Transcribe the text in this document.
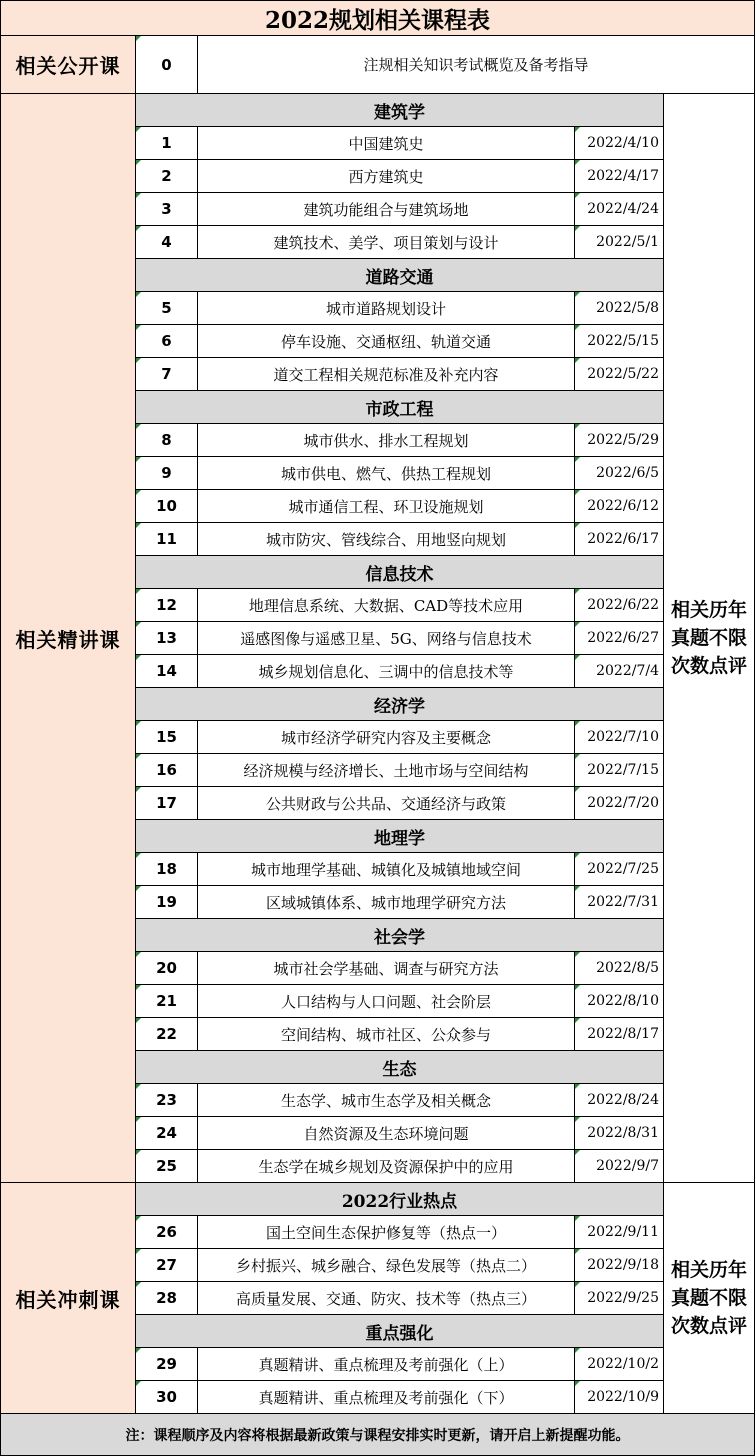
2022规划相关课程表
相关公开课	0	注规相关知识考试概览及备考指导
建筑学
1	中国建筑史	2022/4/10
2	西方建筑史	2022/4/17
3	建筑功能组合与建筑场地	2022/4/24
4	建筑技术、美学、项目策划与设计	2022/5/1
道路交通
5	城市道路规划设计	2022/5/8
6	停车设施、交通枢纽、轨道交通	2022/5/15
7	道交工程相关规范标准及补充内容	2022/5/22
市政工程
8	城市供水、排水工程规划	2022/5/29
9	城市供电、燃气、供热工程规划	2022/6/5
10	城市通信工程、环卫设施规划	2022/6/12
11	城市防灾、管线综合、用地竖向规划	2022/6/17
信息技术
12	地理信息系统、大数据、CAD等技术应用	2022/6/22
13	遥感图像与遥感卫星、5G、网络与信息技术	2022/6/27
14	城乡规划信息化、三调中的信息技术等	2022/7/4
经济学
15	城市经济学研究内容及主要概念	2022/7/10
16	经济规模与经济增长、土地市场与空间结构	2022/7/15
17	公共财政与公共品、交通经济与政策	2022/7/20
地理学
18	城市地理学基础、城镇化及城镇地域空间	2022/7/25
19	区域城镇体系、城市地理学研究方法	2022/7/31
社会学
20	城市社会学基础、调查与研究方法	2022/8/5
21	人口结构与人口问题、社会阶层	2022/8/10
22	空间结构、城市社区、公众参与	2022/8/17
生态
23	生态学、城市生态学及相关概念	2022/8/24
24	自然资源及生态环境问题	2022/8/31
25	生态学在城乡规划及资源保护中的应用	2022/9/7
2022行业热点
26	国土空间生态保护修复等（热点一）	2022/9/11
27	乡村振兴、城乡融合、绿色发展等（热点二）	2022/9/18
28	高质量发展、交通、防灾、技术等（热点三）	2022/9/25
重点强化
29	真题精讲、重点梳理及考前强化（上）	2022/10/2
30	真题精讲、重点梳理及考前强化（下）	2022/10/9
相关精讲课
相关冲刺课
相关历年真题不限次数点评
相关历年真题不限次数点评
注：课程顺序及内容将根据最新政策与课程安排实时更新，请开启上新提醒功能。
